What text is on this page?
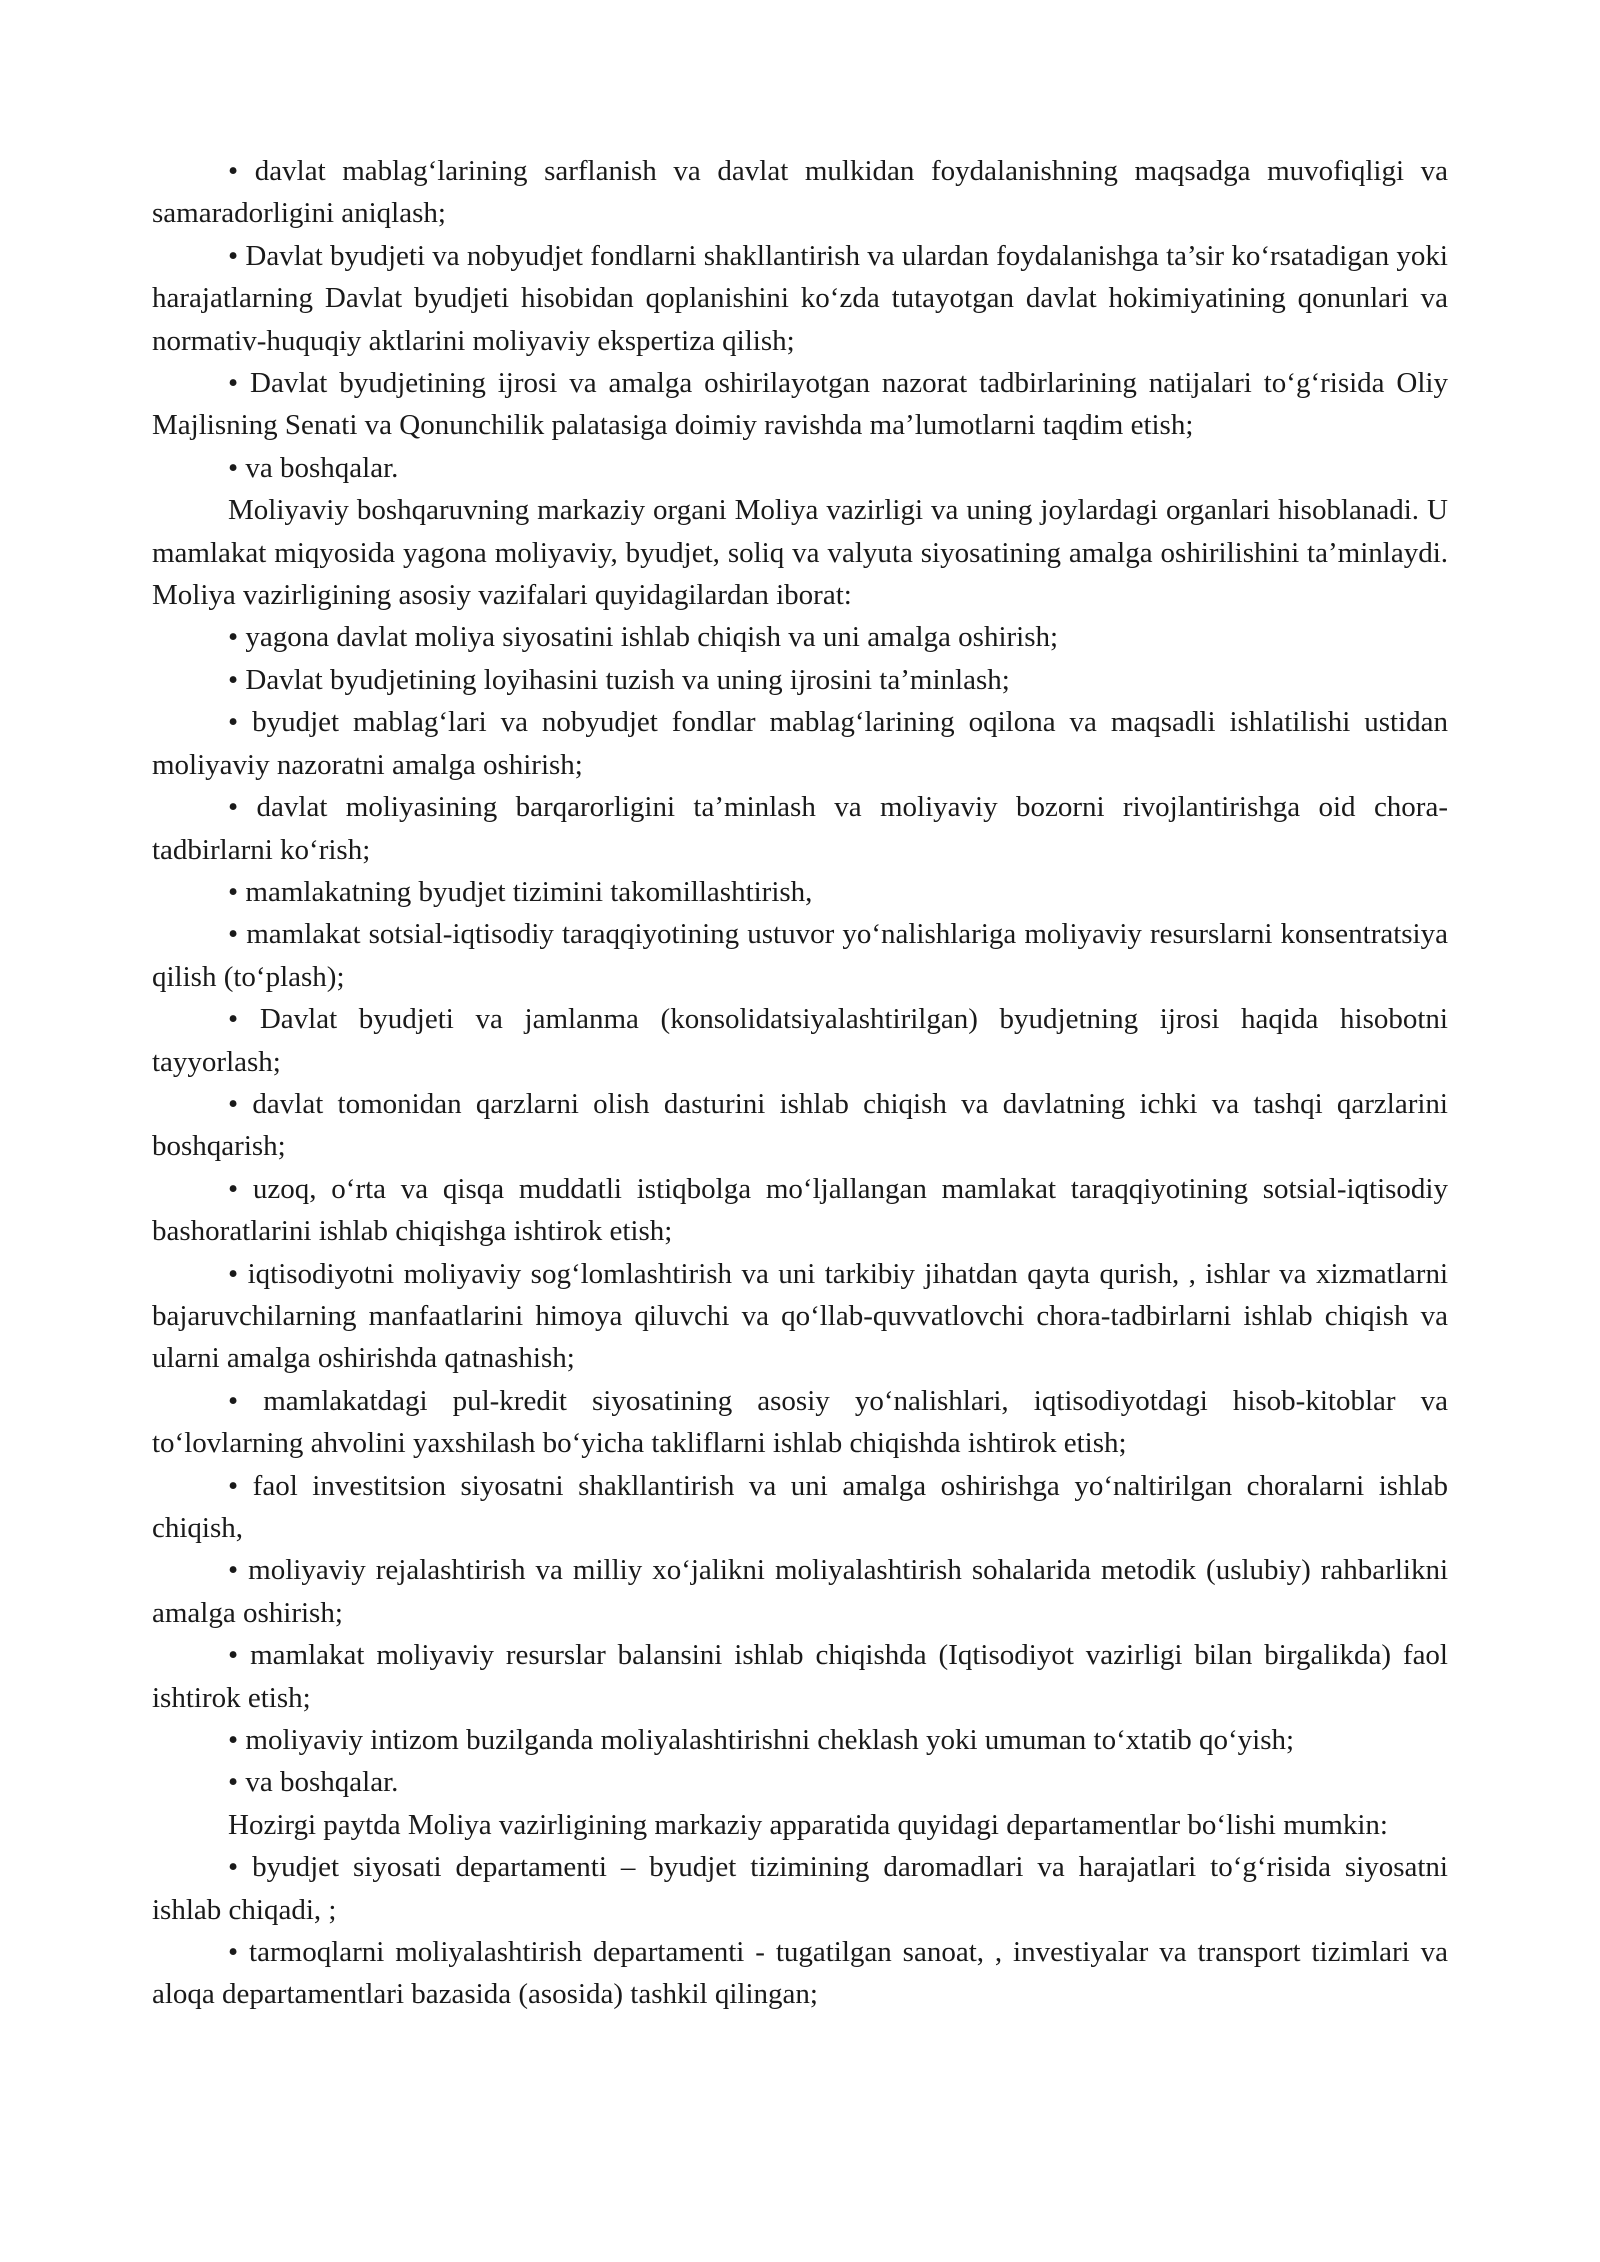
• davlat mablag‘larining sarflanish va davlat mulkidan foydalanishning maqsadga muvofiqligi va samaradorligini aniqlash;

• Davlat byudjeti va nobyudjet fondlarni shakllantirish va ulardan foydalanishga ta’sir ko‘rsatadigan yoki harajatlarning Davlat byudjeti hisobidan qoplanishini ko‘zda tutayotgan davlat hokimiyatining qonunlari va normativ-huquqiy aktlarini moliyaviy ekspertiza qilish;

• Davlat byudjetining ijrosi va amalga oshirilayotgan nazorat tadbirlarining natijalari to‘g‘risida Oliy Majlisning Senati va Qonunchilik palatasiga doimiy ravishda ma’lumotlarni taqdim etish;

• va boshqalar.

Moliyaviy boshqaruvning markaziy organi Moliya vazirligi va uning joylardagi organlari hisoblanadi. U mamlakat miqyosida yagona moliyaviy, byudjet, soliq va valyuta siyosatining amalga oshirilishini ta’minlaydi. Moliya vazirligining asosiy vazifalari quyidagilardan iborat:

• yagona davlat moliya siyosatini ishlab chiqish va uni amalga oshirish;

• Davlat byudjetining loyihasini tuzish va uning ijrosini ta’minlash;

• byudjet mablag‘lari va nobyudjet fondlar mablag‘larining oqilona va maqsadli ishlatilishi ustidan moliyaviy nazoratni amalga oshirish;

• davlat moliyasining barqarorligini ta’minlash va moliyaviy bozorni rivojlantirishga oid chora-tadbirlarni ko‘rish;

• mamlakatning byudjet tizimini takomillashtirish,

• mamlakat sotsial-iqtisodiy taraqqiyotining ustuvor yo‘nalishlariga moliyaviy resurslarni konsentratsiya qilish (to‘plash);

• Davlat byudjeti va jamlanma (konsolidatsiyalashtirilgan) byudjetning ijrosi haqida hisobotni tayyorlash;

• davlat tomonidan qarzlarni olish dasturini ishlab chiqish va davlatning ichki va tashqi qarzlarini boshqarish;

• uzoq, o‘rta va qisqa muddatli istiqbolga mo‘ljallangan mamlakat taraqqiyotining sotsial-iqtisodiy bashoratlarini ishlab chiqishga ishtirok etish;

• iqtisodiyotni moliyaviy sog‘lomlashtirish va uni tarkibiy jihatdan qayta qurish, , ishlar va xizmatlarni bajaruvchilarning manfaatlarini himoya qiluvchi va qo‘llab-quvvatlovchi chora-tadbirlarni ishlab chiqish va ularni amalga oshirishda qatnashish;

• mamlakatdagi pul-kredit siyosatining asosiy yo‘nalishlari, iqtisodiyotdagi hisob-kitoblar va to‘lovlarning ahvolini yaxshilash bo‘yicha takliflarni ishlab chiqishda ishtirok etish;

• faol investitsion siyosatni shakllantirish va uni amalga oshirishga yo‘naltirilgan choralarni ishlab chiqish,

• moliyaviy rejalashtirish va milliy xo‘jalikni moliyalashtirish sohalarida metodik (uslubiy) rahbarlikni amalga oshirish;

• mamlakat moliyaviy resurslar balansini ishlab chiqishda (Iqtisodiyot vazirligi bilan birgalikda) faol ishtirok etish;

• moliyaviy intizom buzilganda moliyalashtirishni cheklash yoki umuman to‘xtatib qo‘yish;

• va boshqalar.

Hozirgi paytda Moliya vazirligining markaziy apparatida quyidagi departamentlar bo‘lishi mumkin:

• byudjet siyosati departamenti – byudjet tizimining daromadlari va harajatlari to‘g‘risida siyosatni ishlab chiqadi, ;

• tarmoqlarni moliyalashtirish departamenti - tugatilgan sanoat, , investiyalar va transport tizimlari va aloqa departamentlari bazasida (asosida) tashkil qilingan;
